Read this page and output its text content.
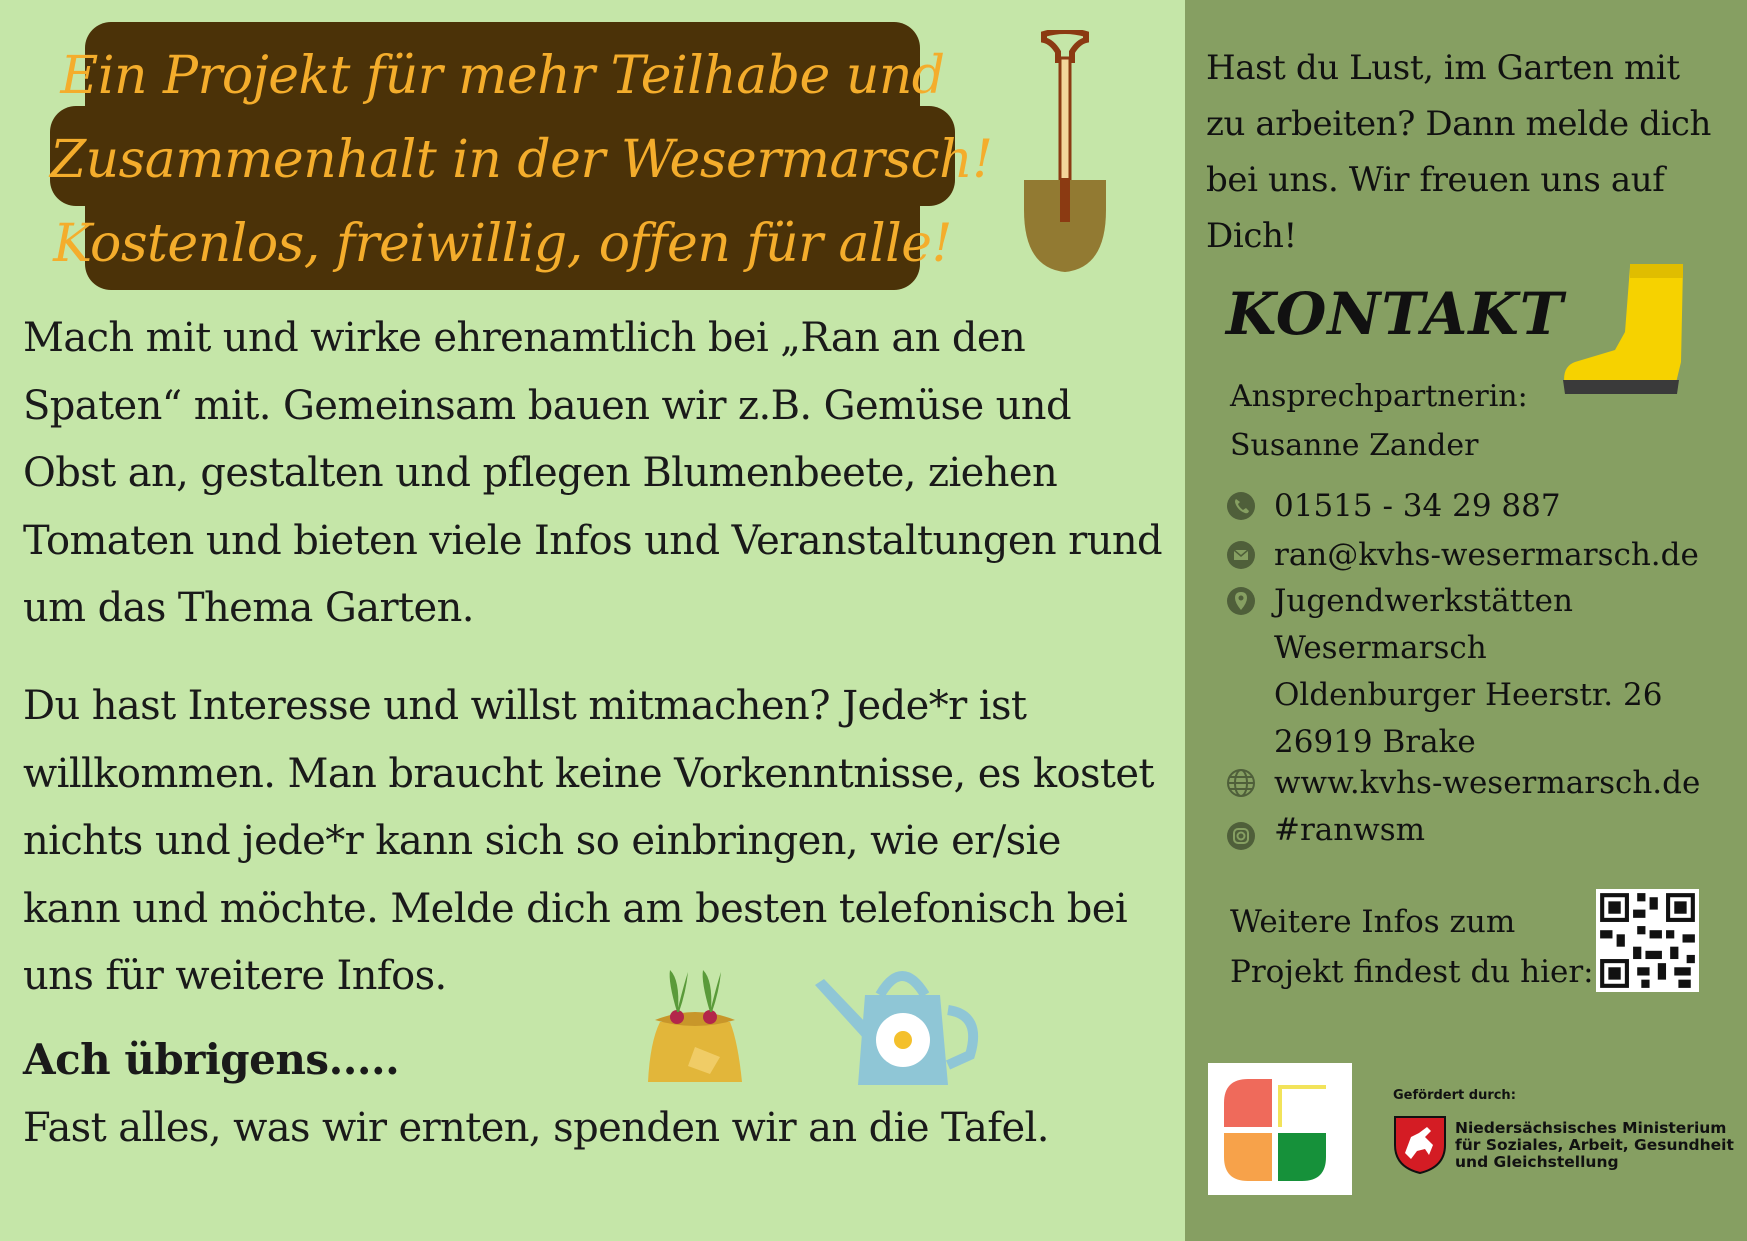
Ein Projekt für mehr Teilhabe und
Zusammenhalt in der Wesermarsch!
Kostenlos, freiwillig, offen für alle!
Mach mit und wirke ehrenamtlich bei „Ran an den Spaten“ mit. Gemeinsam bauen wir z.B. Gemüse und Obst an, gestalten und pflegen Blumenbeete, ziehen Tomaten und bieten viele Infos und Veranstaltungen rund um das Thema Garten.
Du hast Interesse und willst mitmachen? Jede*r ist willkommen. Man braucht keine Vorkenntnisse, es kostet nichts und jede*r kann sich so einbringen, wie er/sie kann und möchte. Melde dich am besten telefonisch bei uns für weitere Infos.
Ach übrigens.....
Fast alles, was wir ernten, spenden wir an die Tafel.
Hast du Lust, im Garten mit zu arbeiten? Dann melde dich bei uns. Wir freuen uns auf Dich!
KONTAKT
Ansprechpartnerin:
Susanne Zander
01515 - 34 29 887
ran@kvhs-wesermarsch.de
Jugendwerkstätten
Wesermarsch
Oldenburger Heerstr. 26
26919 Brake
www.kvhs-wesermarsch.de
#ranwsm
Weitere Infos zum
Projekt findest du hier:
Gefördert durch:
Niedersächsisches Ministerium
für Soziales, Arbeit, Gesundheit
und Gleichstellung
